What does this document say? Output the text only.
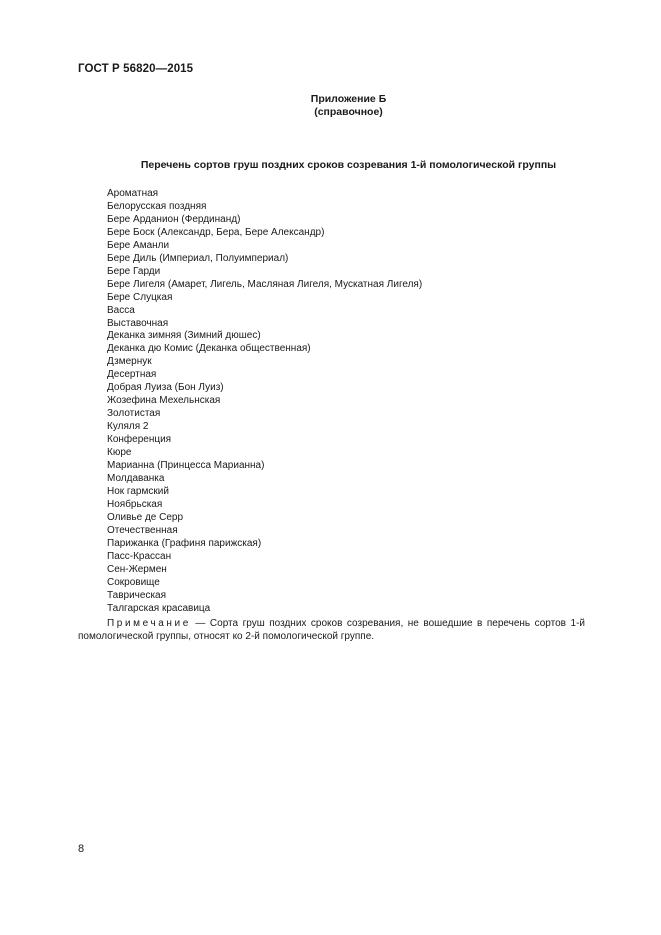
ГОСТ Р 56820—2015
Приложение Б
(справочное)
Перечень сортов груш поздних сроков созревания 1-й помологической группы
Ароматная
Белорусская поздняя
Бере Арданион (Фердинанд)
Бере Боск (Александр, Бера, Бере Александр)
Бере Аманли
Бере Диль (Империал, Полуимпериал)
Бере Гарди
Бере Лигеля (Амарет, Лигель, Масляная Лигеля, Мускатная Лигеля)
Бере Слуцкая
Васса
Выставочная
Деканка зимняя (Зимний дюшес)
Деканка дю Комис (Деканка общественная)
Дзмернук
Десертная
Добрая Луиза (Бон Луиз)
Жозефина Мехельнская
Золотистая
Куляля 2
Конференция
Кюре
Марианна (Принцесса Марианна)
Молдаванка
Нок гармский
Ноябрьская
Оливье де Серр
Отечественная
Парижанка (Графиня парижская)
Пасс-Крассан
Сен-Жермен
Сокровище
Таврическая
Талгарская красавица
Примечание — Сорта груш поздних сроков созревания, не вошедшие в перечень сортов 1-й помологической группы, относят ко 2-й помологической группе.
8
